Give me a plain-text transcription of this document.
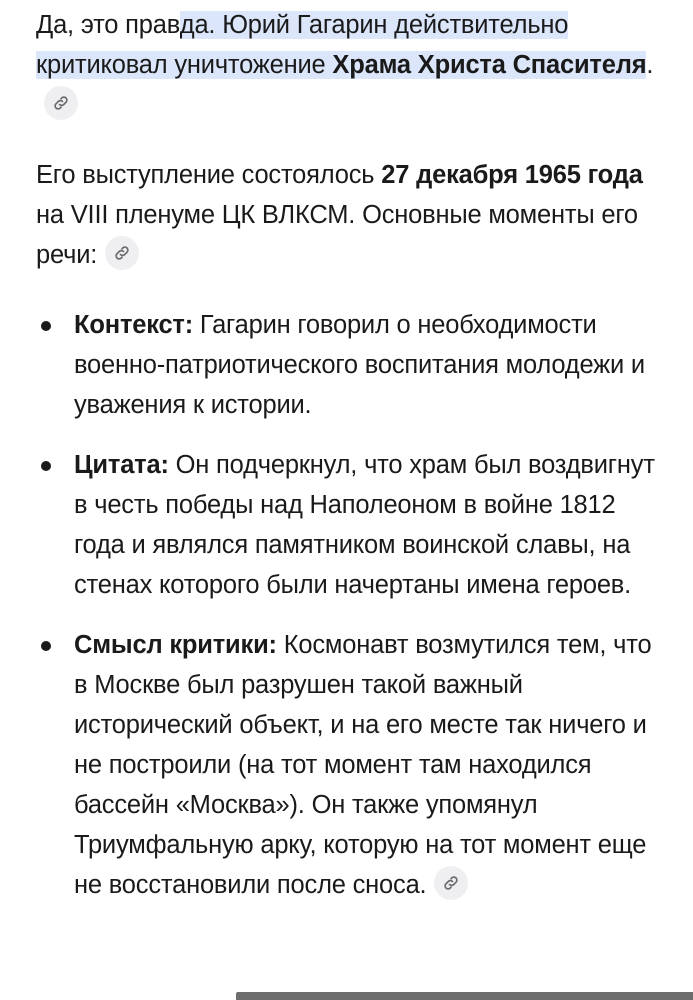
Да, это правда. Юрий Гагарин действительно критиковал уничтожение Храма Христа Спасителя.

Его выступление состоялось 27 декабря 1965 года на VIII пленуме ЦК ВЛКСМ. Основные моменты его речи:

Контекст: Гагарин говорил о необходимости военно-патриотического воспитания молодежи и уважения к истории.
Цитата: Он подчеркнул, что храм был воздвигнут в честь победы над Наполеоном в войне 1812 года и являлся памятником воинской славы, на стенах которого были начертаны имена героев.
Смысл критики: Космонавт возмутился тем, что в Москве был разрушен такой важный исторический объект, и на его месте так ничего и не построили (на тот момент там находился бассейн «Москва»). Он также упомянул Триумфальную арку, которую на тот момент еще не восстановили после сноса.
